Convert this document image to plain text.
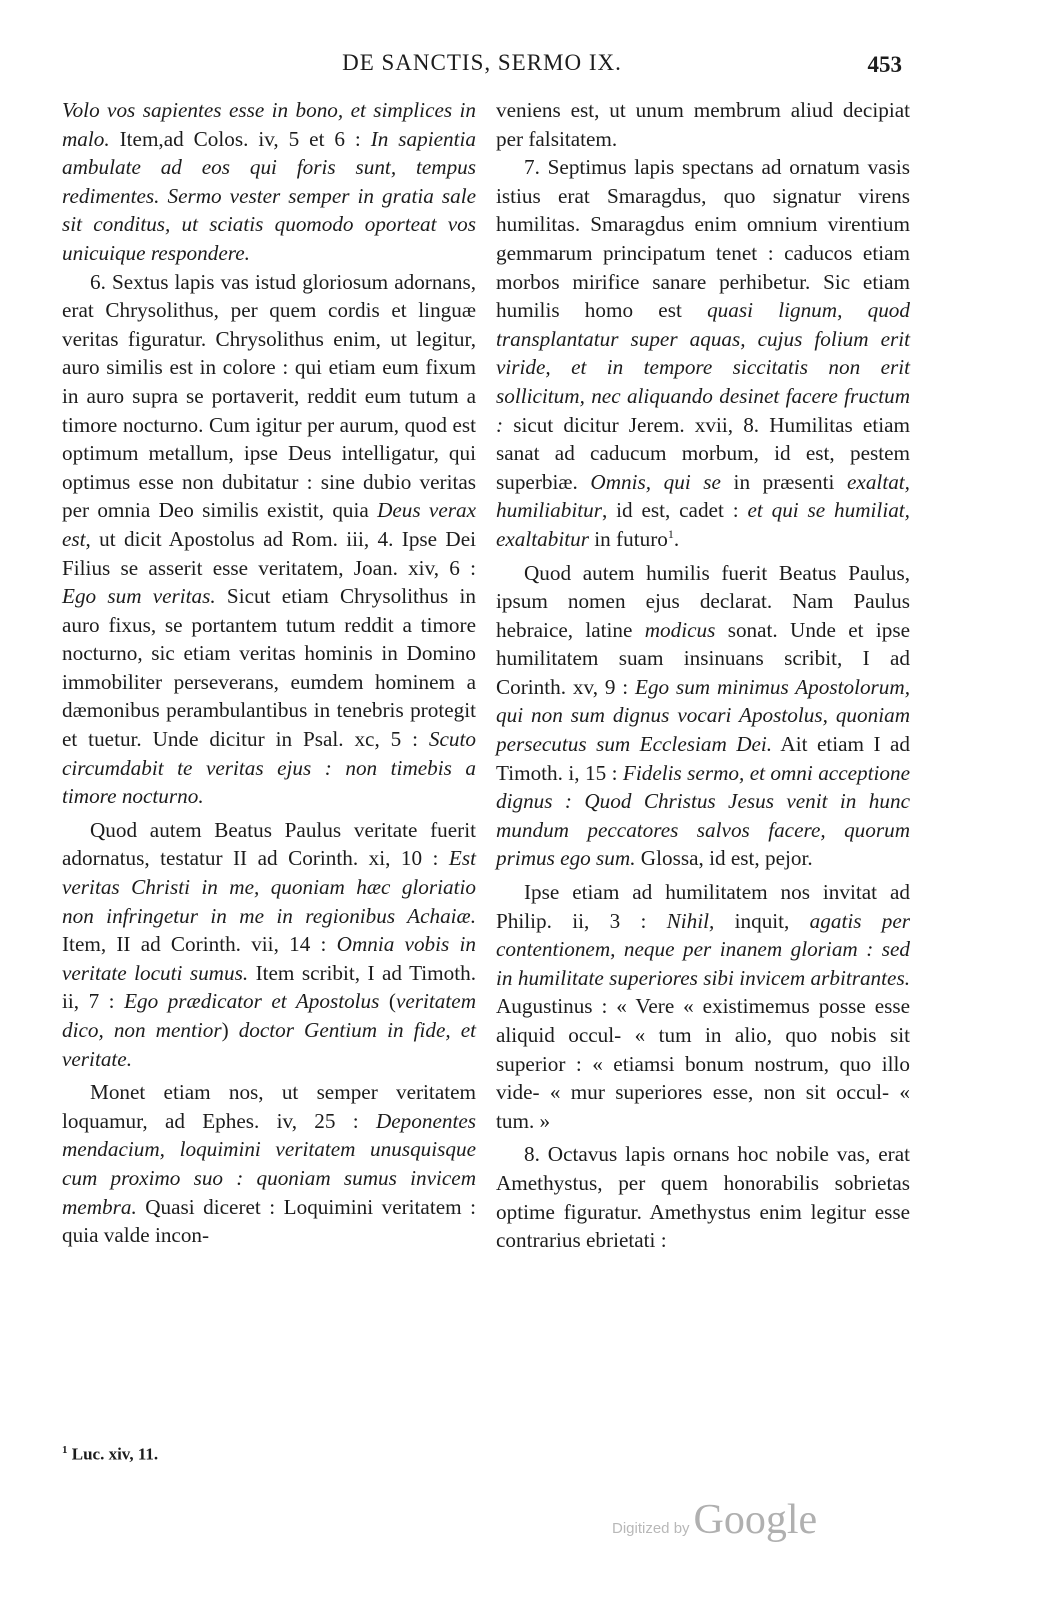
DE SANCTIS, SERMO IX.	453

Volo vos sapientes esse in bono, et simplices in malo. Item,ad Colos. iv, 5 et 6 : In sapientia ambulate ad eos qui foris sunt, tempus redimentes. Sermo vester semper in gratia sale sit conditus, ut sciatis quomodo oporteat vos unicuique respondere.

6. Sextus lapis vas istud gloriosum adornans, erat Chrysolithus, per quem cordis et linguæ veritas figuratur. Chrysolithus enim, ut legitur, auro similis est in colore : qui etiam eum fixum in auro supra se portaverit, reddit eum tutum a timore nocturno. Cum igitur per aurum, quod est optimum metallum, ipse Deus intelligatur, qui optimus esse non dubitatur : sine dubio veritas per omnia Deo similis existit, quia Deus verax est, ut dicit Apostolus ad Rom. iii, 4. Ipse Dei Filius se asserit esse veritatem, Joan. xiv, 6 : Ego sum veritas. Sicut etiam Chrysolithus in auro fixus, se portantem tutum reddit a timore nocturno, sic etiam veritas hominis in Domino immobiliter perseverans, eumdem hominem a dæmonibus perambulantibus in tenebris protegit et tuetur. Unde dicitur in Psal. xc, 5 : Scuto circumdabit te veritas ejus : non timebis a timore nocturno.

Quod autem Beatus Paulus veritate fuerit adornatus, testatur II ad Corinth. xi, 10 : Est veritas Christi in me, quoniam hæc gloriatio non infringetur in me in regionibus Achaiæ. Item, II ad Corinth. vii, 14 : Omnia vobis in veritate locuti sumus. Item scribit, I ad Timoth. ii, 7 : Ego prædicator et Apostolus (veritatem dico, non mentior) doctor Gentium in fide, et veritate.

Monet etiam nos, ut semper veritatem loquamur, ad Ephes. iv, 25 : Deponentes mendacium, loquimini veritatem unusquisque cum proximo suo : quoniam sumus invicem membra. Quasi diceret : Loquimini veritatem : quia valde incon-

veniens est, ut unum membrum aliud decipiat per falsitatem.

7. Septimus lapis spectans ad ornatum vasis istius erat Smaragdus, quo signatur virens humilitas. Smaragdus enim omnium virentium gemmarum principatum tenet : caducos etiam morbos mirifice sanare perhibetur. Sic etiam humilis homo est quasi lignum, quod transplantatur super aquas, cujus folium erit viride, et in tempore siccitatis non erit sollicitum, nec aliquando desinet facere fructum : sicut dicitur Jerem. xvii, 8. Humilitas etiam sanat ad caducum morbum, id est, pestem superbiæ. Omnis, qui se in præsenti exaltat, humiliabitur, id est, cadet : et qui se humiliat, exaltabitur in futuro$^1$.

Quod autem humilis fuerit Beatus Paulus, ipsum nomen ejus declarat. Nam Paulus hebraice, latine modicus sonat. Unde et ipse humilitatem suam insinuans scribit, I ad Corinth. xv, 9 : Ego sum minimus Apostolorum, qui non sum dignus vocari Apostolus, quoniam persecutus sum Ecclesiam Dei. Ait etiam I ad Timoth. i, 15 : Fidelis sermo, et omni acceptione dignus : Quod Christus Jesus venit in hunc mundum peccatores salvos facere, quorum primus ego sum. Glossa, id est, pejor.

Ipse etiam ad humilitatem nos invitat ad Philip. ii, 3 : Nihil, inquit, agatis per contentionem, neque per inanem gloriam : sed in humilitate superiores sibi invicem arbitrantes. Augustinus : « Vere « existimemus posse esse aliquid occul- « tum in alio, quo nobis sit superior : « etiamsi bonum nostrum, quo illo vide- « mur superiores esse, non sit occul- « tum. »

8. Octavus lapis ornans hoc nobile vas, erat Amethystus, per quem honorabilis sobrietas optime figuratur. Amethystus enim legitur esse contrarius ebrietati :

$^1$ Luc. xiv, 11.
Digitized by Google
